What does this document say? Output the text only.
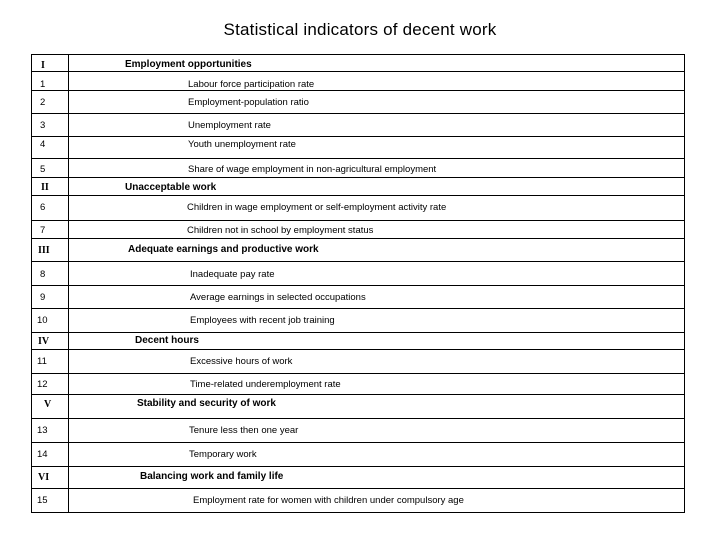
Statistical indicators of decent work
I	Employment opportunities
1	Labour force participation rate
2	Employment-population ratio
3	Unemployment rate
4	Youth unemployment rate
5	Share of wage employment in non-agricultural employment
II	Unacceptable work
6	Children in wage employment or self-employment activity rate
7	Children not in school by employment status
III	Adequate earnings and productive work
8	Inadequate pay rate
9	Average earnings in selected occupations
10	Employees with recent job training
IV	Decent hours
11	Excessive hours of work
12	Time-related underemployment rate
V	Stability and security of work
13	Tenure less then one year
14	Temporary work
VI	Balancing work and family life
15	Employment rate for women with children under compulsory age
